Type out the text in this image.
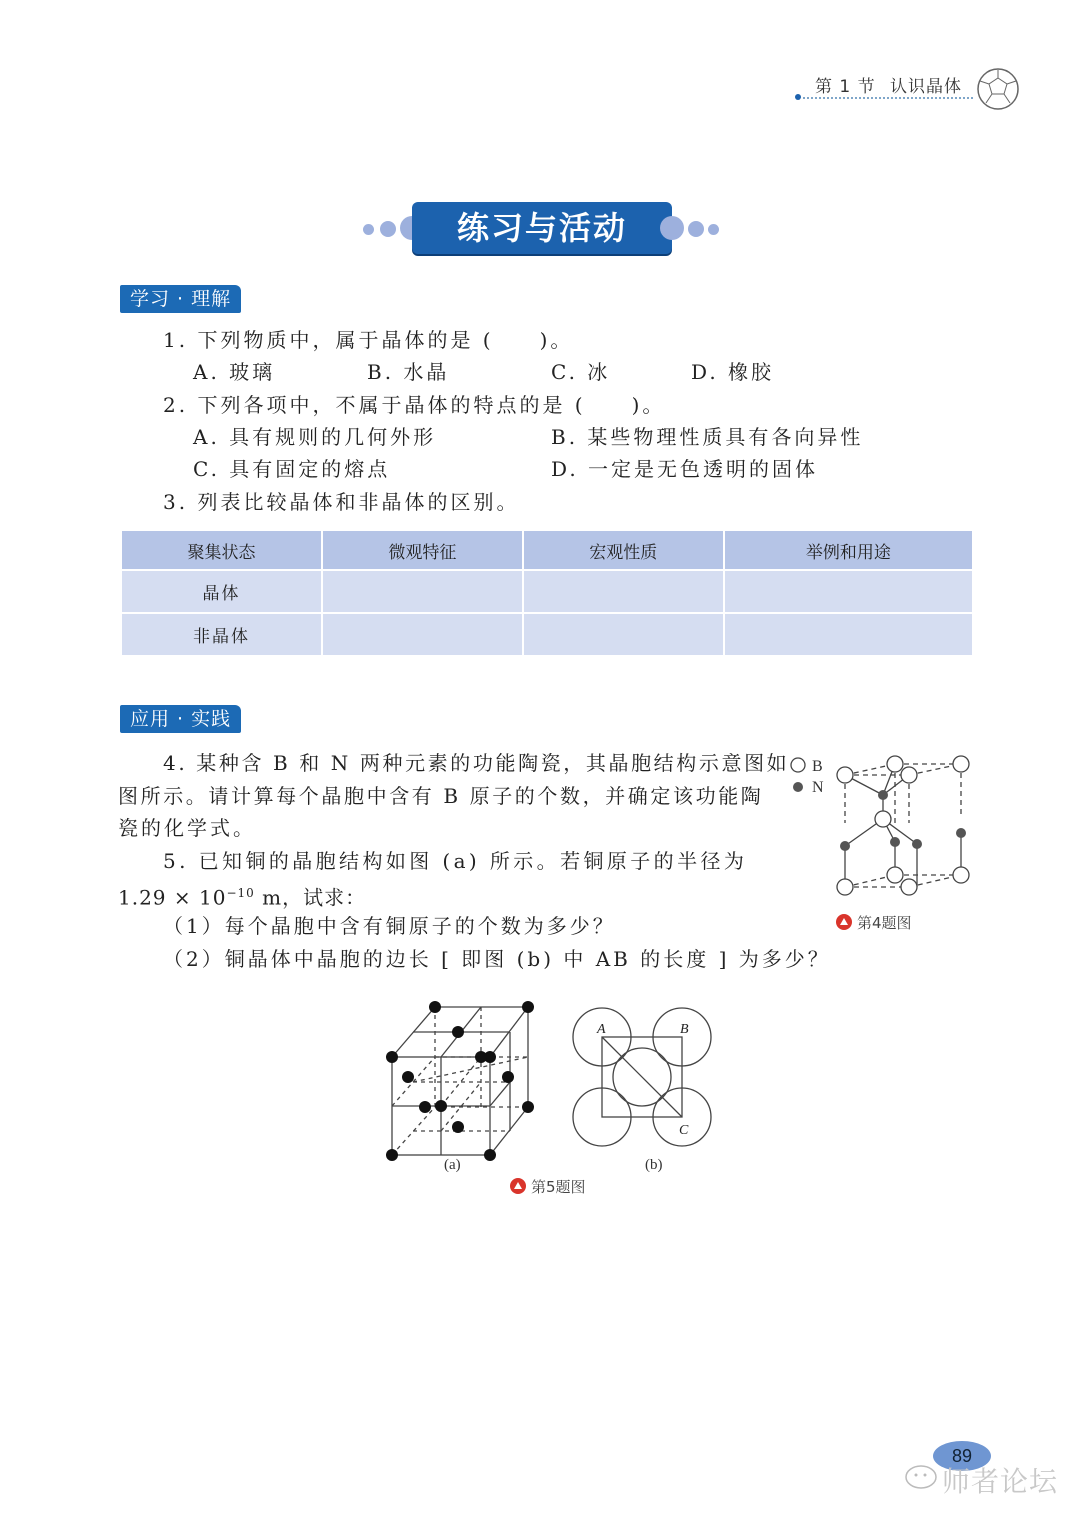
第 1 节 认识晶体
练习与活动
学习 · 理解
1. 下列物质中，属于晶体的是 (　　)。
A. 玻璃	B. 水晶	C. 冰	D. 橡胶
2. 下列各项中，不属于晶体的特点的是 (　　)。
A. 具有规则的几何外形	B. 某些物理性质具有各向异性
C. 具有固定的熔点	D. 一定是无色透明的固体
3. 列表比较晶体和非晶体的区别。
聚集状态	微观特征	宏观性质	举例和用途
晶体			
非晶体			
应用 · 实践
4. 某种含 B 和 N 两种元素的功能陶瓷，其晶胞结构示意图如
图所示。请计算每个晶胞中含有 B 原子的个数，并确定该功能陶
瓷的化学式。
5. 已知铜的晶胞结构如图 (a) 所示。若铜原子的半径为
$1.29 \times 10^{-10}$ m，试求：
（1）每个晶胞中含有铜原子的个数为多少？
（2）铜晶体中晶胞的边长 [ 即图 (b) 中 AB 的长度 ] 为多少？
B
N
第4题图
A	B
C
(a)	(b)
第5题图
89
师者论坛
